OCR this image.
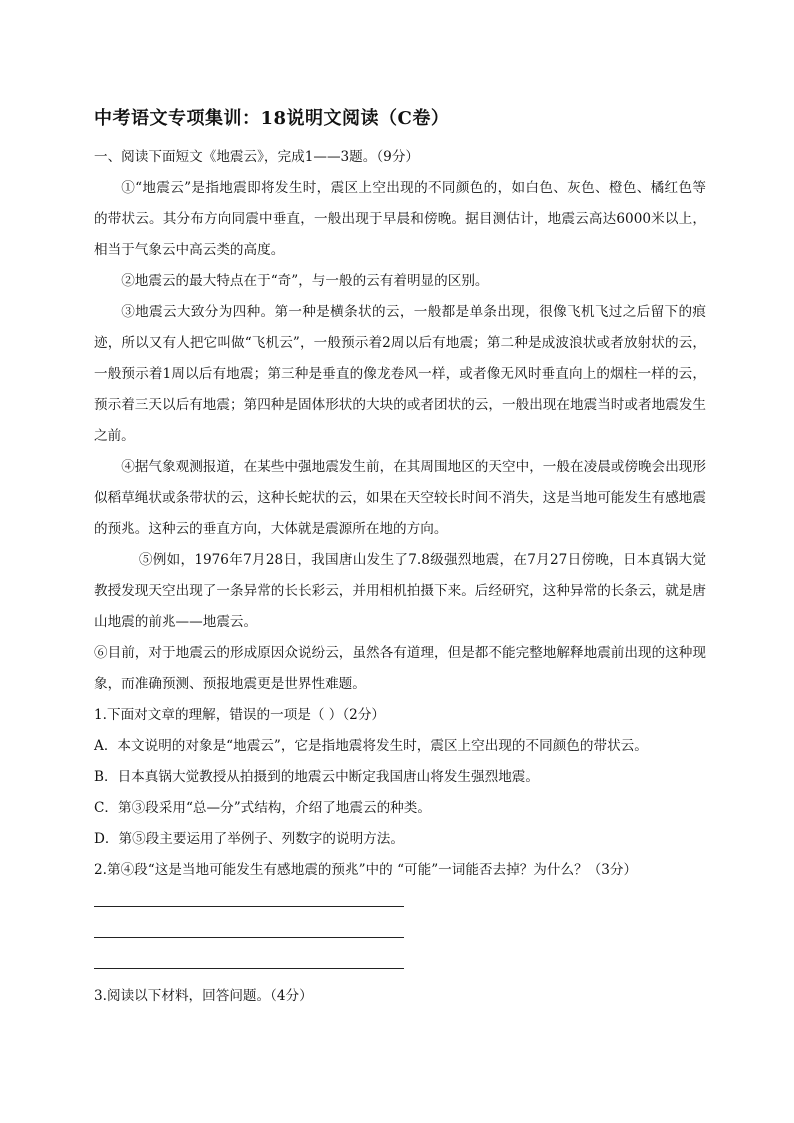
中考语文专项集训：18说明文阅读（C卷）

一、阅读下面短文《地震云》，完成1——3题。（9分）

①“地震云”是指地震即将发生时，震区上空出现的不同颜色的，如白色、灰色、橙色、橘红色等的带状云。其分布方向同震中垂直，一般出现于早晨和傍晚。据目测估计，地震云高达6000米以上，相当于气象云中高云类的高度。

②地震云的最大特点在于“奇”，与一般的云有着明显的区别。

③地震云大致分为四种。第一种是横条状的云，一般都是单条出现，很像飞机飞过之后留下的痕迹，所以又有人把它叫做“飞机云”，一般预示着2周以后有地震；第二种是成波浪状或者放射状的云，一般预示着1周以后有地震；第三种是垂直的像龙卷风一样，或者像无风时垂直向上的烟柱一样的云，预示着三天以后有地震；第四种是固体形状的大块的或者团状的云，一般出现在地震当时或者地震发生之前。

④据气象观测报道，在某些中强地震发生前，在其周围地区的天空中，一般在凌晨或傍晚会出现形似稻草绳状或条带状的云，这种长蛇状的云，如果在天空较长时间不消失，这是当地可能发生有感地震的预兆。这种云的垂直方向，大体就是震源所在地的方向。

⑤例如，1976年7月28日，我国唐山发生了7.8级强烈地震，在7月27日傍晚，日本真锅大觉教授发现天空出现了一条异常的长长彩云，并用相机拍摄下来。后经研究，这种异常的长条云，就是唐山地震的前兆——地震云。

⑥目前，对于地震云的形成原因众说纷云，虽然各有道理，但是都不能完整地解释地震前出现的这种现象，而准确预测、预报地震更是世界性难题。

1.下面对文章的理解，错误的一项是（ ）（2分）

A．本文说明的对象是“地震云”，它是指地震将发生时，震区上空出现的不同颜色的带状云。

B．日本真锅大觉教授从拍摄到的地震云中断定我国唐山将发生强烈地震。

C．第③段采用“总—分”式结构，介绍了地震云的种类。

D．第⑤段主要运用了举例子、列数字的说明方法。

2.第④段“这是当地可能发生有感地震的预兆”中的 “可能”一词能否去掉？为什么？（3分）

3.阅读以下材料，回答问题。（4分）
